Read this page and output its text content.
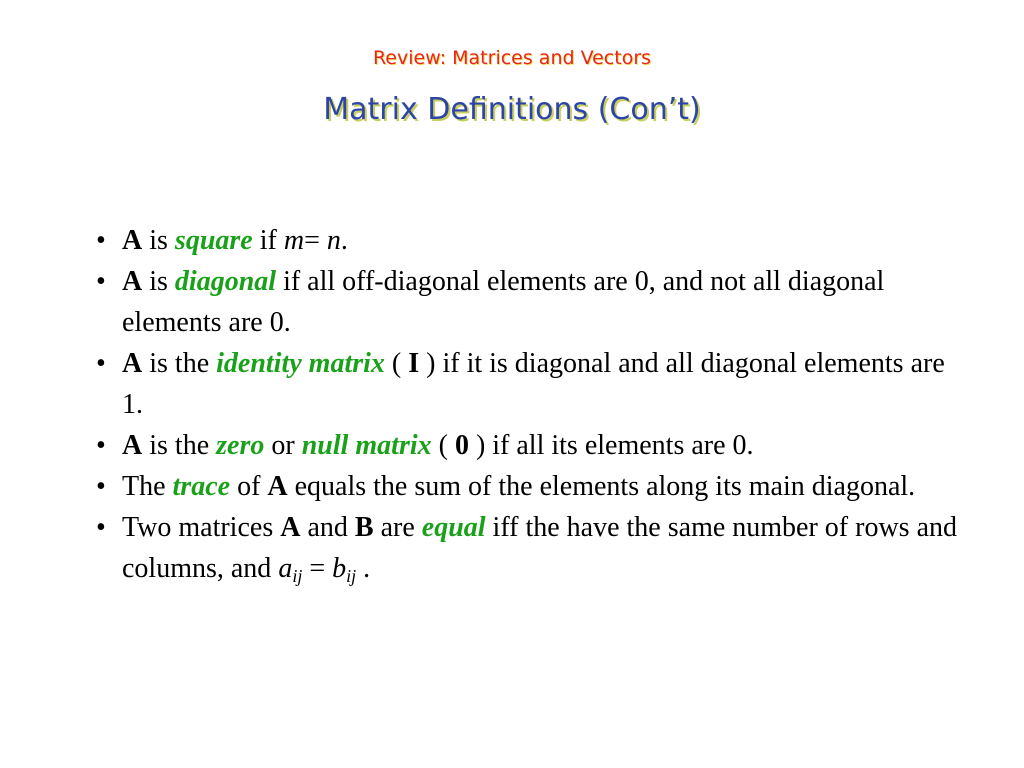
Review: Matrices and Vectors
Matrix Definitions (Con’t)
• A is square if m= n.
• A is diagonal if all off-diagonal elements are 0, and not all diagonal elements are 0.
• A is the identity matrix ( I ) if it is diagonal and all diagonal elements are 1.
• A is the zero or null matrix ( 0 ) if all its elements are 0.
• The trace of A equals the sum of the elements along its main diagonal.
• Two matrices A and B are equal iff the have the same number of rows and columns, and $a_{ij} = b_{ij}$ .
